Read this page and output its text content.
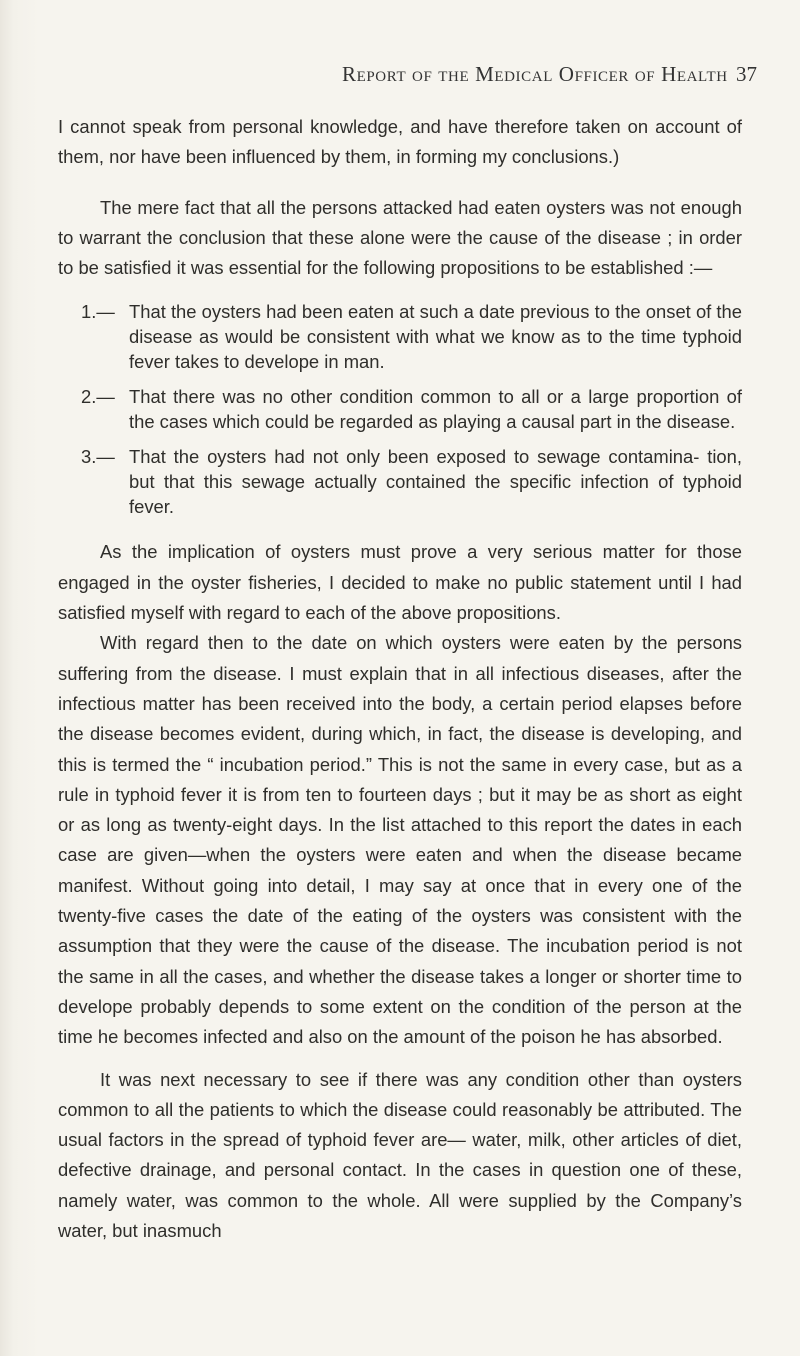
Report of the Medical Officer of Health 37

I cannot speak from personal knowledge, and have therefore taken on account of them, nor have been influenced by them, in forming my conclusions.)

The mere fact that all the persons attacked had eaten oysters was not enough to warrant the conclusion that these alone were the cause of the disease ; in order to be satisfied it was essential for the following propositions to be established :—

1.— That the oysters had been eaten at such a date previous to the onset of the disease as would be consistent with what we know as to the time typhoid fever takes to develope in man.

2.— That there was no other condition common to all or a large proportion of the cases which could be regarded as playing a causal part in the disease.

3.— That the oysters had not only been exposed to sewage contamina- tion, but that this sewage actually contained the specific infection of typhoid fever.

As the implication of oysters must prove a very serious matter for those engaged in the oyster fisheries, I decided to make no public statement until I had satisfied myself with regard to each of the above propositions.

With regard then to the date on which oysters were eaten by the persons suffering from the disease. I must explain that in all infectious diseases, after the infectious matter has been received into the body, a certain period elapses before the disease becomes evident, during which, in fact, the disease is developing, and this is termed the “ incubation period.” This is not the same in every case, but as a rule in typhoid fever it is from ten to fourteen days ; but it may be as short as eight or as long as twenty-eight days. In the list attached to this report the dates in each case are given—when the oysters were eaten and when the disease became manifest. Without going into detail, I may say at once that in every one of the twenty-five cases the date of the eating of the oysters was consistent with the assumption that they were the cause of the disease. The incubation period is not the same in all the cases, and whether the disease takes a longer or shorter time to develope probably depends to some extent on the condition of the person at the time he becomes infected and also on the amount of the poison he has absorbed.

It was next necessary to see if there was any condition other than oysters common to all the patients to which the disease could reasonably be attributed. The usual factors in the spread of typhoid fever are— water, milk, other articles of diet, defective drainage, and personal contact. In the cases in question one of these, namely water, was common to the whole. All were supplied by the Company’s water, but inasmuch
